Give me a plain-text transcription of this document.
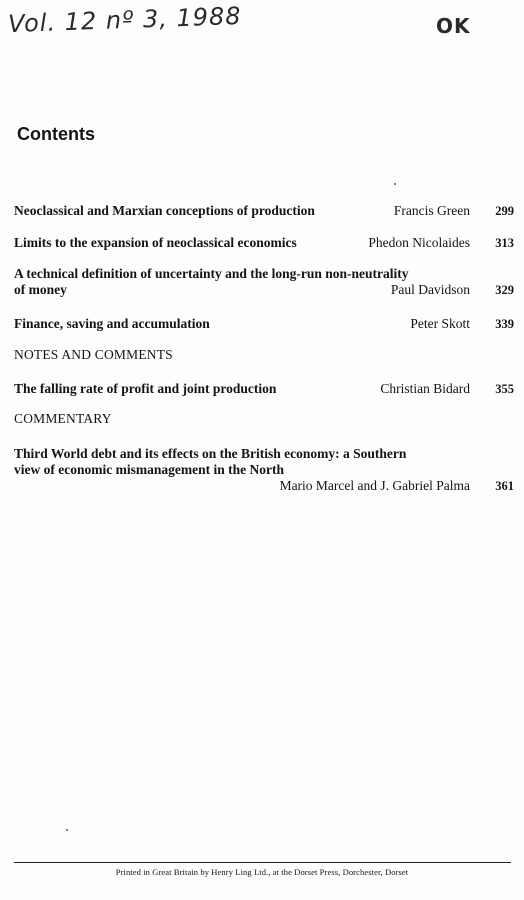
Vol. 12 nº 3, 1988	OK
Contents
Neoclassical and Marxian conceptions of production	Francis Green	299
Limits to the expansion of neoclassical economics	Phedon Nicolaides	313
A technical definition of uncertainty and the long-run non-neutrality
of money	Paul Davidson	329
Finance, saving and accumulation	Peter Skott	339
NOTES AND COMMENTS
The falling rate of profit and joint production	Christian Bidard	355
COMMENTARY
Third World debt and its effects on the British economy: a Southern
view of economic mismanagement in the North
Mario Marcel and J. Gabriel Palma	361
Printed in Great Britain by Henry Ling Ltd., at the Dorset Press, Dorchester, Dorset
